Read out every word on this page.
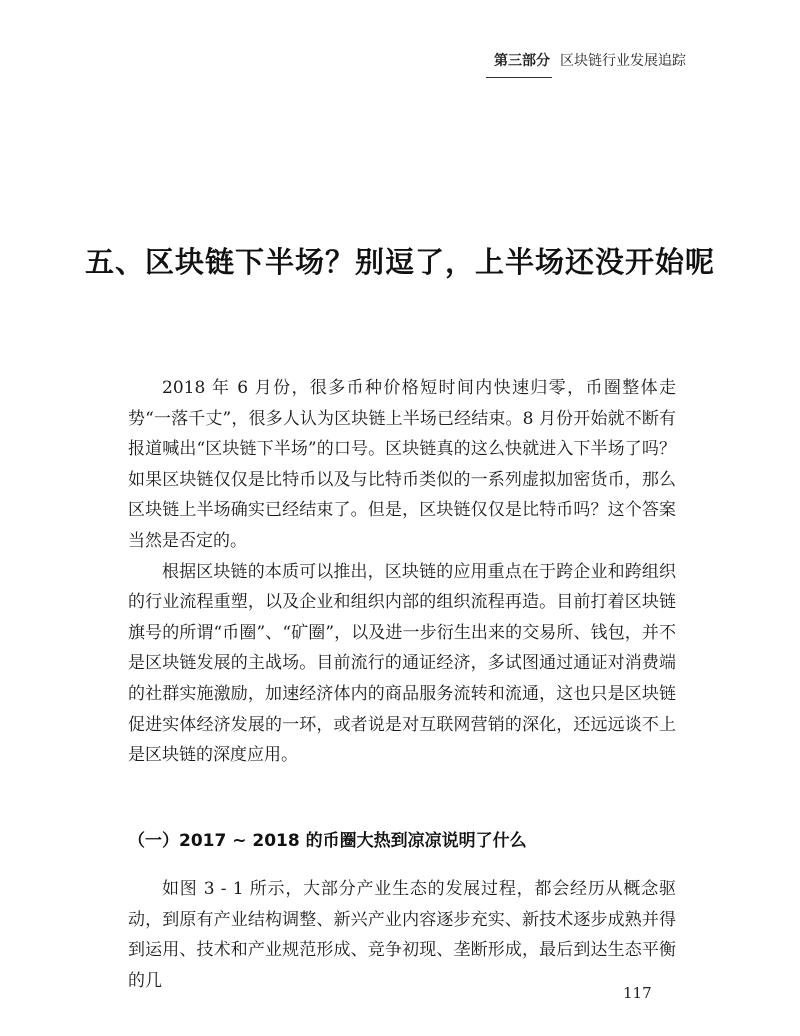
第三部分 区块链行业发展追踪
五、区块链下半场？别逗了，上半场还没开始呢

2018 年 6 月份，很多币种价格短时间内快速归零，币圈整体走势“一落千丈”，很多人认为区块链上半场已经结束。8 月份开始就不断有报道喊出“区块链下半场”的口号。区块链真的这么快就进入下半场了吗？如果区块链仅仅是比特币以及与比特币类似的一系列虚拟加密货币，那么区块链上半场确实已经结束了。但是，区块链仅仅是比特币吗？这个答案当然是否定的。

根据区块链的本质可以推出，区块链的应用重点在于跨企业和跨组织的行业流程重塑，以及企业和组织内部的组织流程再造。目前打着区块链旗号的所谓“币圈”、“矿圈”，以及进一步衍生出来的交易所、钱包，并不是区块链发展的主战场。目前流行的通证经济，多试图通过通证对消费端的社群实施激励，加速经济体内的商品服务流转和流通，这也只是区块链促进实体经济发展的一环，或者说是对互联网营销的深化，还远远谈不上是区块链的深度应用。

（一）2017 ~ 2018 的币圈大热到凉凉说明了什么

如图 3 - 1 所示，大部分产业生态的发展过程，都会经历从概念驱动，到原有产业结构调整、新兴产业内容逐步充实、新技术逐步成熟并得到运用、技术和产业规范形成、竞争初现、垄断形成，最后到达生态平衡的几

117
